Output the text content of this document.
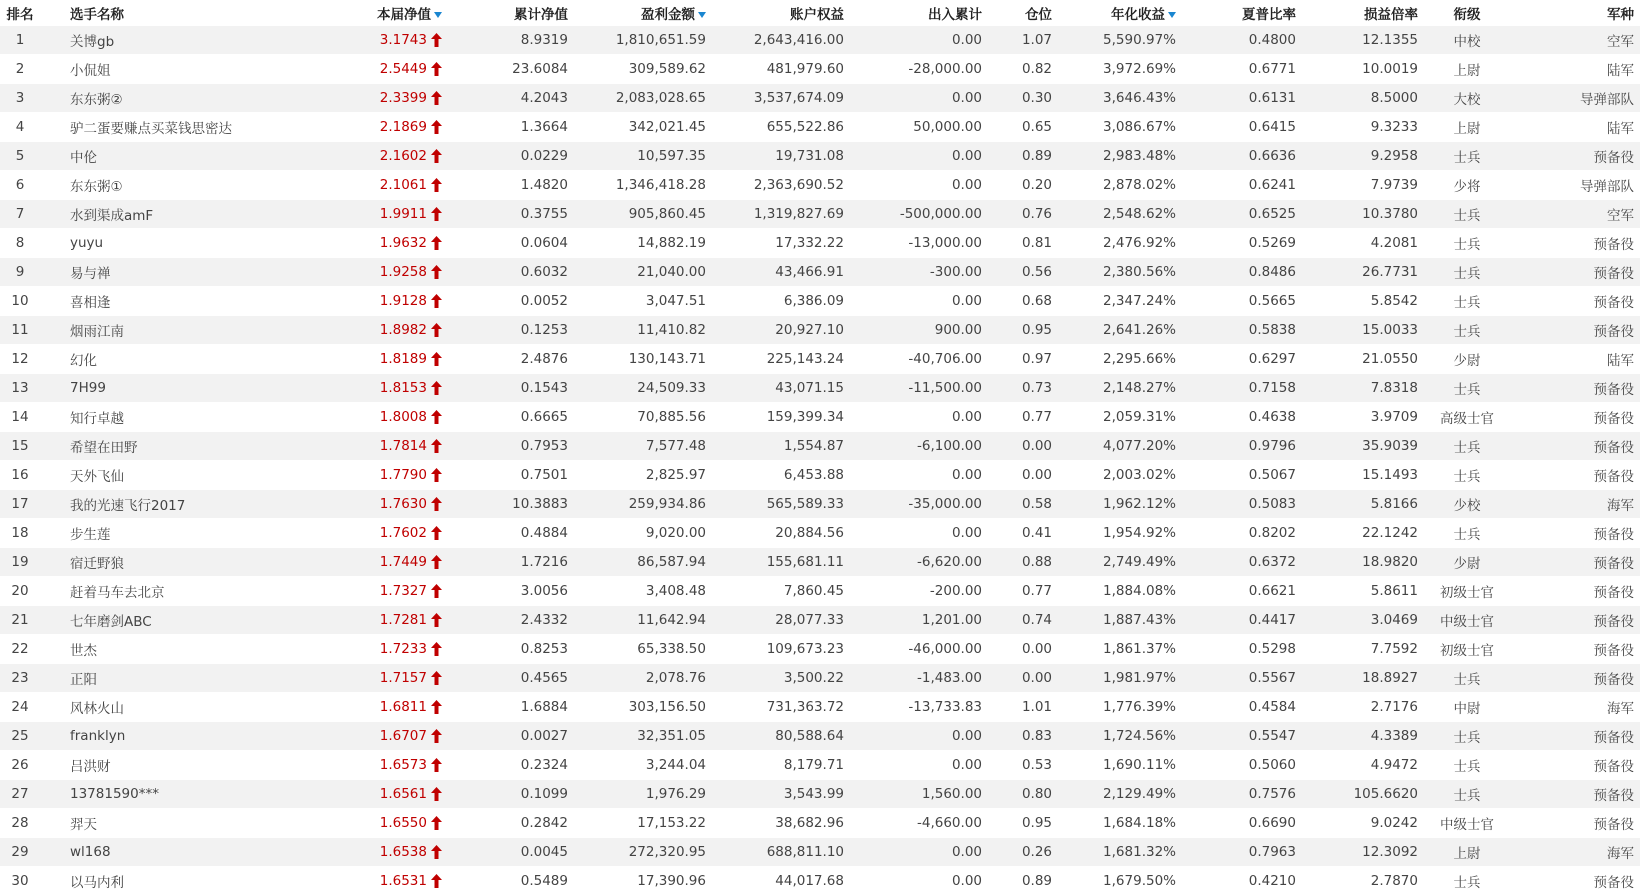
排名	选手名称	本届净值	累计净值	盈利金额	账户权益	出入累计	仓位	年化收益	夏普比率	损益倍率	衔级	军种
1	关博gb	3.1743	8.9319	1,810,651.59	2,643,416.00	0.00	1.07	5,590.97%	0.4800	12.1355	中校	空军
2	小侃姐	2.5449	23.6084	309,589.62	481,979.60	-28,000.00	0.82	3,972.69%	0.6771	10.0019	上尉	陆军
3	东东粥②	2.3399	4.2043	2,083,028.65	3,537,674.09	0.00	0.30	3,646.43%	0.6131	8.5000	大校	导弹部队
4	驴二蛋要赚点买菜钱思密达	2.1869	1.3664	342,021.45	655,522.86	50,000.00	0.65	3,086.67%	0.6415	9.3233	上尉	陆军
5	中伦	2.1602	0.0229	10,597.35	19,731.08	0.00	0.89	2,983.48%	0.6636	9.2958	士兵	预备役
6	东东粥①	2.1061	1.4820	1,346,418.28	2,363,690.52	0.00	0.20	2,878.02%	0.6241	7.9739	少将	导弹部队
7	水到渠成amF	1.9911	0.3755	905,860.45	1,319,827.69	-500,000.00	0.76	2,548.62%	0.6525	10.3780	士兵	空军
8	yuyu	1.9632	0.0604	14,882.19	17,332.22	-13,000.00	0.81	2,476.92%	0.5269	4.2081	士兵	预备役
9	易与禅	1.9258	0.6032	21,040.00	43,466.91	-300.00	0.56	2,380.56%	0.8486	26.7731	士兵	预备役
10	喜相逢	1.9128	0.0052	3,047.51	6,386.09	0.00	0.68	2,347.24%	0.5665	5.8542	士兵	预备役
11	烟雨江南	1.8982	0.1253	11,410.82	20,927.10	900.00	0.95	2,641.26%	0.5838	15.0033	士兵	预备役
12	幻化	1.8189	2.4876	130,143.71	225,143.24	-40,706.00	0.97	2,295.66%	0.6297	21.0550	少尉	陆军
13	7H99	1.8153	0.1543	24,509.33	43,071.15	-11,500.00	0.73	2,148.27%	0.7158	7.8318	士兵	预备役
14	知行卓越	1.8008	0.6665	70,885.56	159,399.34	0.00	0.77	2,059.31%	0.4638	3.9709	高级士官	预备役
15	希望在田野	1.7814	0.7953	7,577.48	1,554.87	-6,100.00	0.00	4,077.20%	0.9796	35.9039	士兵	预备役
16	天外飞仙	1.7790	0.7501	2,825.97	6,453.88	0.00	0.00	2,003.02%	0.5067	15.1493	士兵	预备役
17	我的光速飞行2017	1.7630	10.3883	259,934.86	565,589.33	-35,000.00	0.58	1,962.12%	0.5083	5.8166	少校	海军
18	步生莲	1.7602	0.4884	9,020.00	20,884.56	0.00	0.41	1,954.92%	0.8202	22.1242	士兵	预备役
19	宿迁野狼	1.7449	1.7216	86,587.94	155,681.11	-6,620.00	0.88	2,749.49%	0.6372	18.9820	少尉	预备役
20	赶着马车去北京	1.7327	3.0056	3,408.48	7,860.45	-200.00	0.77	1,884.08%	0.6621	5.8611	初级士官	预备役
21	七年磨剑ABC	1.7281	2.4332	11,642.94	28,077.33	1,201.00	0.74	1,887.43%	0.4417	3.0469	中级士官	预备役
22	世杰	1.7233	0.8253	65,338.50	109,673.23	-46,000.00	0.00	1,861.37%	0.5298	7.7592	初级士官	预备役
23	正阳	1.7157	0.4565	2,078.76	3,500.22	-1,483.00	0.00	1,981.97%	0.5567	18.8927	士兵	预备役
24	风林火山	1.6811	1.6884	303,156.50	731,363.72	-13,733.83	1.01	1,776.39%	0.4584	2.7176	中尉	海军
25	franklyn	1.6707	0.0027	32,351.05	80,588.64	0.00	0.83	1,724.56%	0.5547	4.3389	士兵	预备役
26	吕洪财	1.6573	0.2324	3,244.04	8,179.71	0.00	0.53	1,690.11%	0.5060	4.9472	士兵	预备役
27	13781590***	1.6561	0.1099	1,976.29	3,543.99	1,560.00	0.80	2,129.49%	0.7576	105.6620	士兵	预备役
28	羿天	1.6550	0.2842	17,153.22	38,682.96	-4,660.00	0.95	1,684.18%	0.6690	9.0242	中级士官	预备役
29	wl168	1.6538	0.0045	272,320.95	688,811.10	0.00	0.26	1,681.32%	0.7963	12.3092	上尉	海军
30	以马内利	1.6531	0.5489	17,390.96	44,017.68	0.00	0.89	1,679.50%	0.4210	2.7870	士兵	预备役
